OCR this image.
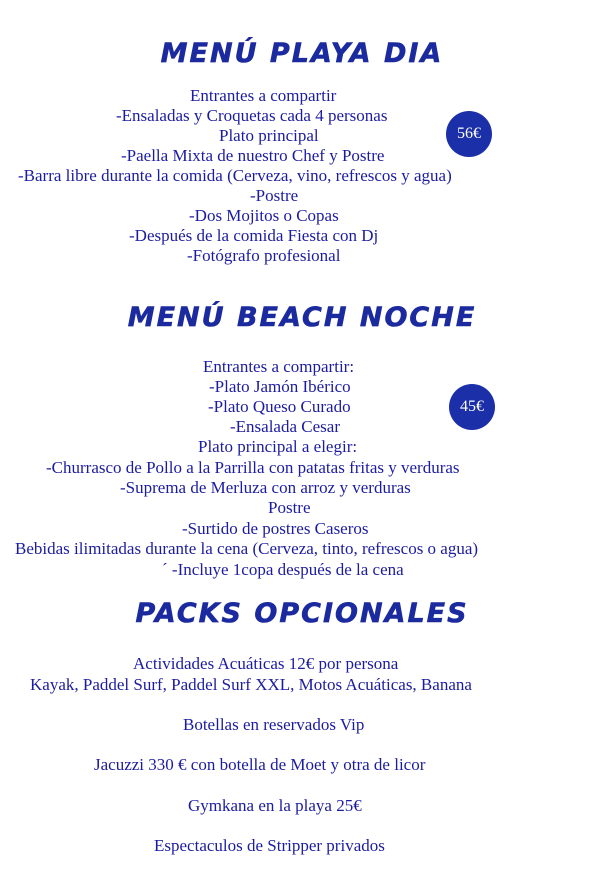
MENÚ PLAYA DIA
56€
Entrantes a compartir
-Ensaladas y Croquetas cada 4 personas
Plato principal
-Paella Mixta de nuestro Chef y Postre
-Barra libre durante la comida (Cerveza, vino, refrescos y agua)
-Postre
-Dos Mojitos o Copas
-Después de la comida Fiesta con Dj
-Fotógrafo profesional
MENÚ BEACH NOCHE
45€
Entrantes a compartir:
-Plato Jamón Ibérico
-Plato Queso Curado
-Ensalada Cesar
Plato principal a elegir:
-Churrasco de Pollo a la Parrilla con patatas fritas y verduras
-Suprema de Merluza con arroz y verduras
Postre
-Surtido de postres Caseros
Bebidas ilimitadas durante la cena (Cerveza, tinto, refrescos o agua)
´ -Incluye 1copa después de la cena
PACKS OPCIONALES
Actividades Acuáticas 12€ por persona
Kayak, Paddel Surf, Paddel Surf XXL, Motos Acuáticas, Banana
Botellas en reservados Vip
Jacuzzi 330 € con botella de Moet y otra de licor
Gymkana en la playa 25€
Espectaculos de Stripper privados
